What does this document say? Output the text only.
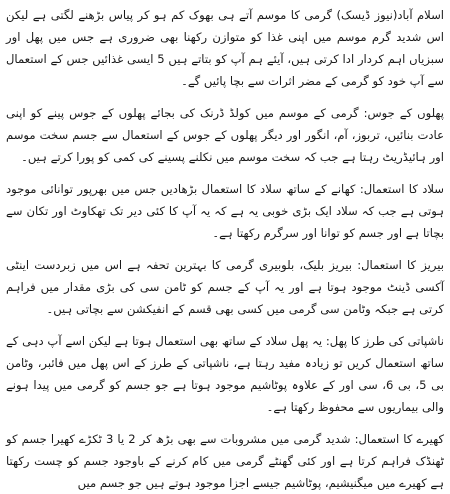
اسلام آباد(نیوز ڈیسک) گرمی کا موسم آتے ہی بھوک کم ہو کر پیاس بڑھنے لگتی ہے لیکن اس شدید گرم موسم میں اپنی غذا کو متوازن رکھنا بھی ضروری ہے جس میں پھل اور سبزیاں اہم کردار ادا کرتی ہیں، آیئے ہم آپ کو بتاتے ہیں 5 ایسی غذائیں جس کے استعمال سے آپ خود کو گرمی کے مضر اثرات سے بچا پائیں گے۔

پھلوں کے جوس: گرمی کے موسم میں کولڈ ڈرنک کی بجائے پھلوں کے جوس پینے کو اپنی عادت بنائیں، تربوز، آم، انگور اور دیگر پھلوں کے جوس کے استعمال سے جسم سخت موسم اور ہائیڈریٹ رہتا ہے جب کہ سخت موسم میں نکلنے پسینے کی کمی کو پورا کرتے ہیں۔

سلاد کا استعمال: کھانے کے ساتھ سلاد کا استعمال بڑھادیں جس میں بھرپور توانائی موجود ہوتی ہے جب کہ سلاد ایک بڑی خوبی یہ ہے کہ یہ آپ کا کئی دیر تک تھکاوٹ اور تکان سے بچاتا ہے اور جسم کو توانا اور سرگرم رکھتا ہے۔

بیریز کا استعمال: بیریز بلیک، بلوبیری گرمی کا بہترین تحفہ ہے اس میں زبردست اینٹی آکسی ڈینٹ موجود ہوتا ہے اور یہ آپ کے جسم کو ٹامن سی کی بڑی مقدار میں فراہم کرتی ہے جبکہ وٹامن سی گرمی میں کسی بھی قسم کے انفیکشن سے بچاتی ہیں۔

ناشپاتی کی طرز کا پھل: یہ پھل سلاد کے ساتھ بھی استعمال ہوتا ہے لیکن اسے آپ دہی کے ساتھ استعمال کریں تو زیادہ مفید رہتا ہے، ناشپاتی کے طرز کے اس پھل میں فائبر، وٹامن بی 5، بی 6، سی اور کے علاوہ پوٹاشیم موجود ہوتا ہے جو جسم کو گرمی میں پیدا ہونے والی بیماریوں سے محفوظ رکھتا ہے۔

کھیرے کا استعمال: شدید گرمی میں مشروبات سے بھی بڑھ کر 2 یا 3 ٹکڑے کھیرا جسم کو ٹھنڈک فراہم کرتا ہے اور کئی گھنٹے گرمی میں کام کرنے کے باوجود جسم کو چست رکھتا ہے کھیرے میں میگنیشیم، پوٹاشیم جیسے اجزا موجود ہوتے ہیں جو جسم میں
